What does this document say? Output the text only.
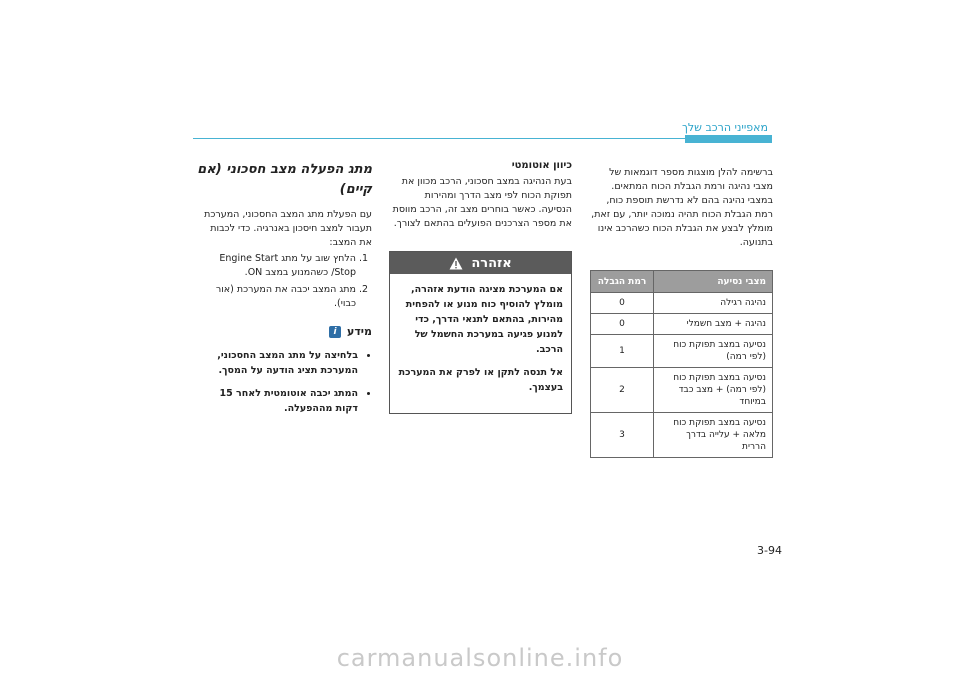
מאפייני הרכב שלך

ברשימה להלן מוצגות מספר דוגמאות של מצבי נהיגה ורמת הגבלת הכוח המתאים. במצבי נהיגה בהם לא נדרשת תוספת כוח, רמת הגבלת הכוח תהיה נמוכה יותר, עם זאת, מומלץ לבצע את הגבלת הכוח כשהרכב אינו בתנועה.

מצבי נסיעה	רמת הגבלה
נהיגה רגילה	0
נהיגה + מצב חשמלי	0
נסיעה במצב תפוקת כוח (לפי רמה)	1
נסיעה במצב תפוקת כוח (לפי רמה) + מצב כבד במיוחד	2
נסיעה במצב תפוקת כוח מלאה + עלייה בדרך הררית	3

כיוון אוטומטי

בעת הנהיגה במצב חסכוני, הרכב מכוון את תפוקת הכוח לפי מצב הדרך ומהירות הנסיעה. כאשר בוחרים מצב זה, הרכב מווסת את מספר הצרכנים הפועלים בהתאם לצורך.

אזהרה

אם המערכת מציגה הודעת אזהרה, מומלץ להוסיף כוח מנוע או להפחית מהירות, בהתאם לתנאי הדרך, כדי למנוע פגיעה במערכת החשמל של הרכב.

אל תנסה לתקן או לפרק את המערכת בעצמך.

מתג הפעלה מצב חסכוני (אם קיים)

עם הפעלת מתג המצב החסכוני, המערכת תעבור למצב חיסכון באנרגיה. כדי לכבות את המצב:

1. הלחץ שוב על מתג Engine Start /Stop כשהמנוע במצב ON.
2. מתג המצב יכבה את המערכת (אור כבוי).
מידע
i
• בלחיצה על מתג המצב החסכוני, המערכת תציג הודעה על המסך.
• המתג יכבה אוטומטית לאחר 15 דקות מההפעלה.
3-94
carmanualsonline.info
